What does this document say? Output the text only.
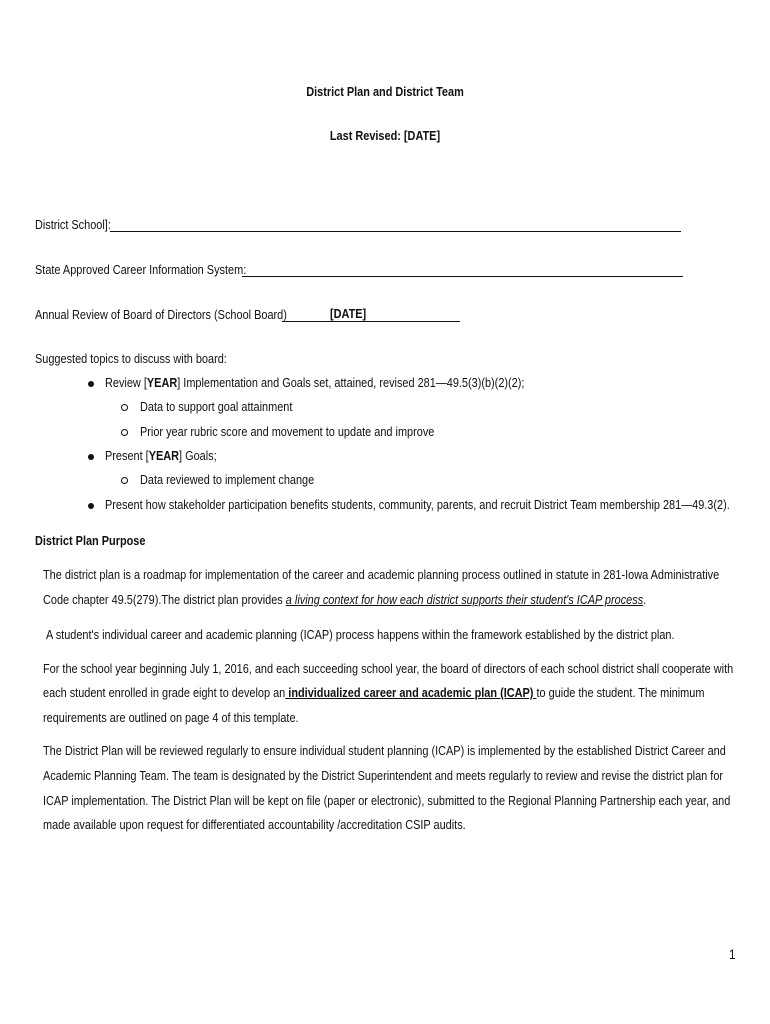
District Plan and District Team
Last Revised: [DATE]
District School]:
State Approved Career Information System:
Annual Review of Board of Directors (School Board)	[DATE]
Suggested topics to discuss with board:
Review [YEAR] Implementation and Goals set, attained, revised 281—49.5(3)(b)(2)(2);
Data to support goal attainment
Prior year rubric score and movement to update and improve
Present [YEAR] Goals;
Data reviewed to implement change
Present how stakeholder participation benefits students, community, parents, and recruit District Team membership 281—49.3(2).
District Plan Purpose
The district plan is a roadmap for implementation of the career and academic planning process outlined in statute in 281-Iowa Administrative
Code chapter 49.5(279).The district plan provides a living context for how each district supports their student's ICAP process.
A student's individual career and academic planning (ICAP) process happens within the framework established by the district plan.
For the school year beginning July 1, 2016, and each succeeding school year, the board of directors of each school district shall cooperate with
each student enrolled in grade eight to develop an individualized career and academic plan (ICAP) to guide the student. The minimum
requirements are outlined on page 4 of this template.
The District Plan will be reviewed regularly to ensure individual student planning (ICAP) is implemented by the established District Career and
Academic Planning Team. The team is designated by the District Superintendent and meets regularly to review and revise the district plan for
ICAP implementation. The District Plan will be kept on file (paper or electronic), submitted to the Regional Planning Partnership each year, and
made available upon request for differentiated accountability /accreditation CSIP audits.
1
